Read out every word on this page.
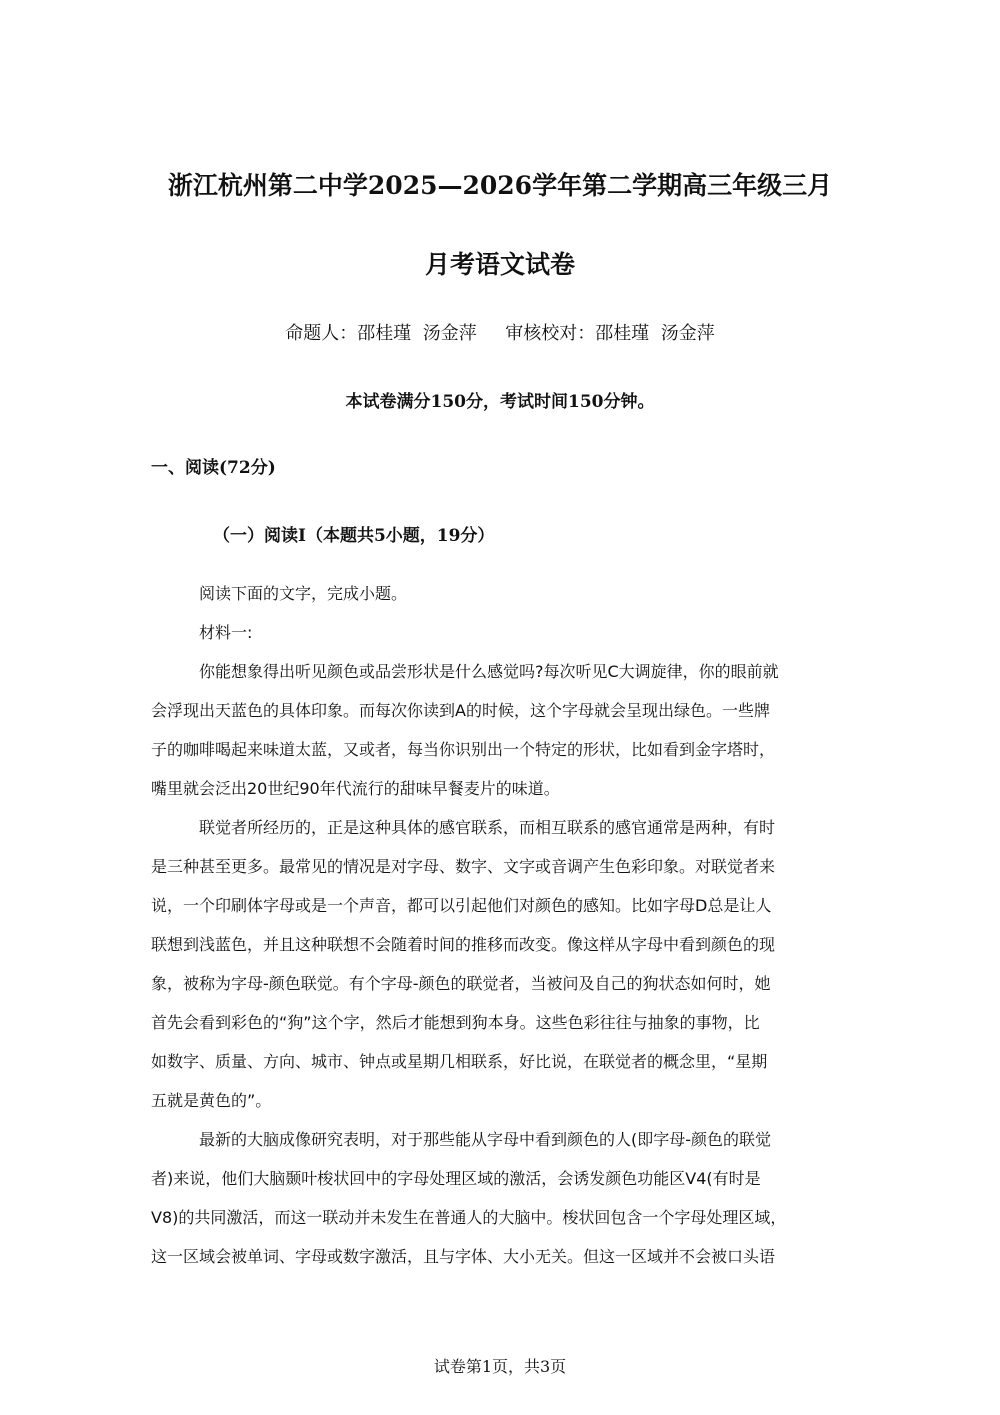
浙江杭州第二中学2025—2026学年第二学期高三年级三月
月考语文试卷
命题人：邵桂瑾  汤金萍     审核校对：邵桂瑾  汤金萍
本试卷满分150分，考试时间150分钟。
一、阅读(72分)
（一）阅读Ⅰ（本题共5小题，19分）
阅读下面的文字，完成小题。
材料一:
你能想象得出听见颜色或品尝形状是什么感觉吗?每次听见C大调旋律，你的眼前就
会浮现出天蓝色的具体印象。而每次你读到A的时候，这个字母就会呈现出绿色。一些牌
子的咖啡喝起来味道太蓝，又或者，每当你识别出一个特定的形状，比如看到金字塔时，
嘴里就会泛出20世纪90年代流行的甜味早餐麦片的味道。
联觉者所经历的，正是这种具体的感官联系，而相互联系的感官通常是两种，有时
是三种甚至更多。最常见的情况是对字母、数字、文字或音调产生色彩印象。对联觉者来
说，一个印刷体字母或是一个声音，都可以引起他们对颜色的感知。比如字母D总是让人
联想到浅蓝色，并且这种联想不会随着时间的推移而改变。像这样从字母中看到颜色的现
象，被称为字母-颜色联觉。有个字母-颜色的联觉者，当被问及自己的狗状态如何时，她
首先会看到彩色的“狗”这个字，然后才能想到狗本身。这些色彩往往与抽象的事物，比
如数字、质量、方向、城市、钟点或星期几相联系，好比说，在联觉者的概念里，“星期
五就是黄色的”。
最新的大脑成像研究表明，对于那些能从字母中看到颜色的人(即字母-颜色的联觉
者)来说，他们大脑颞叶梭状回中的字母处理区域的激活，会诱发颜色功能区V4(有时是
V8)的共同激活，而这一联动并未发生在普通人的大脑中。梭状回包含一个字母处理区域，
这一区域会被单词、字母或数字激活，且与字体、大小无关。但这一区域并不会被口头语
试卷第1页，共3页
